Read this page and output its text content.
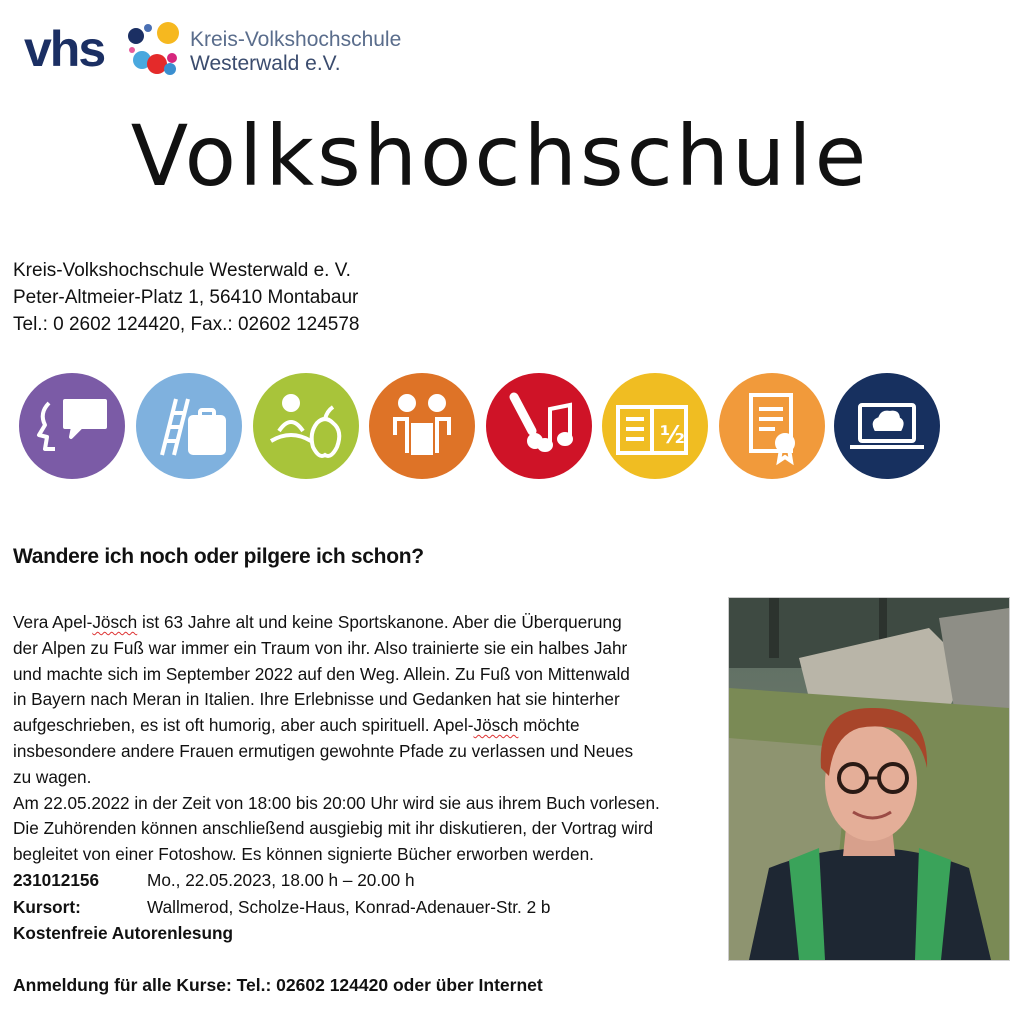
vhs	Kreis-Volkshochschule
Westerwald e.V.
Volkshochschule
Kreis-Volkshochschule Westerwald e. V.
Peter-Altmeier-Platz 1, 56410 Montabaur
Tel.: 0 2602 124420, Fax.: 02602 124578
½
Wandere ich noch oder pilgere ich schon?
Vera Apel-Jösch ist 63 Jahre alt und keine Sportskanone. Aber die Überquerung
der Alpen zu Fuß war immer ein Traum von ihr. Also trainierte sie ein halbes Jahr
und machte sich im September 2022 auf den Weg. Allein. Zu Fuß von Mittenwald
in Bayern nach Meran in Italien. Ihre Erlebnisse und Gedanken hat sie hinterher
aufgeschrieben, es ist oft humorig, aber auch spirituell. Apel-Jösch möchte
insbesondere andere Frauen ermutigen gewohnte Pfade zu verlassen und Neues
zu wagen.
Am 22.05.2022 in der Zeit von 18:00 bis 20:00 Uhr wird sie aus ihrem Buch vorlesen.
Die Zuhörenden können anschließend ausgiebig mit ihr diskutieren, der Vortrag wird
begleitet von einer Fotoshow. Es können signierte Bücher erworben werden.
231012156	Mo., 22.05.2023, 18.00 h – 20.00 h
Kursort:	Wallmerod, Scholze-Haus, Konrad-Adenauer-Str. 2 b
Kostenfreie Autorenlesung
Anmeldung für alle Kurse: Tel.: 02602 124420 oder über Internet
